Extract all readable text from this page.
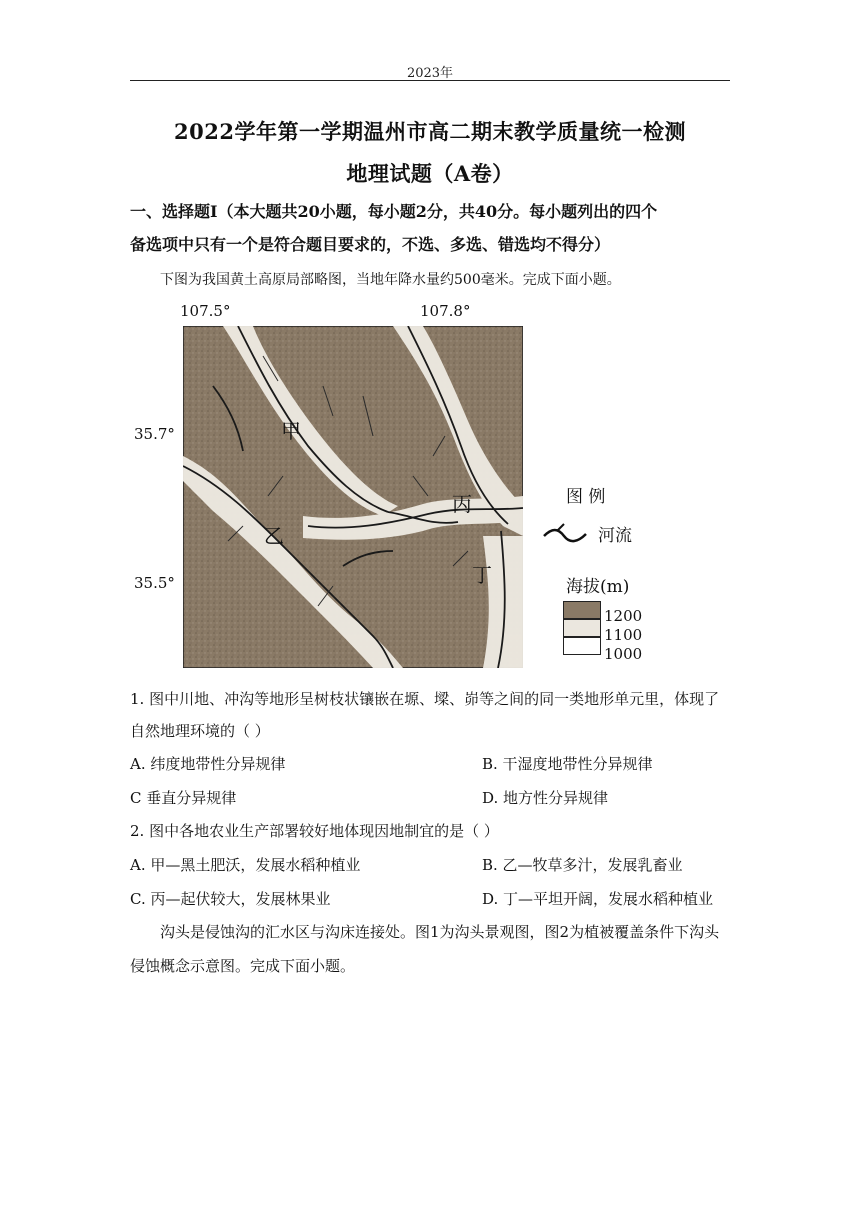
2023年
2022学年第一学期温州市高二期末教学质量统一检测
地理试题（A卷）
一、选择题Ⅰ（本大题共20小题，每小题2分，共40分。每小题列出的四个
备选项中只有一个是符合题目要求的，不选、多选、错选均不得分）
下图为我国黄土高原局部略图，当地年降水量约500毫米。完成下面小题。
107.5°	107.8°
35.7°
35.5°
甲
乙
丙
丁
图 例
河流
海拔(m)
1200
1100
1000
1. 图中川地、冲沟等地形呈树枝状镶嵌在塬、墚、峁等之间的同一类地形单元里，体现了
自然地理环境的（ ）
A. 纬度地带性分异规律	B. 干湿度地带性分异规律
C 垂直分异规律	D. 地方性分异规律
2. 图中各地农业生产部署较好地体现因地制宜的是（ ）
A. 甲—黑土肥沃，发展水稻种植业	B. 乙—牧草多汁，发展乳畜业
C. 丙—起伏较大，发展林果业	D. 丁—平坦开阔，发展水稻种植业
沟头是侵蚀沟的汇水区与沟床连接处。图1为沟头景观图，图2为植被覆盖条件下沟头
侵蚀概念示意图。完成下面小题。
